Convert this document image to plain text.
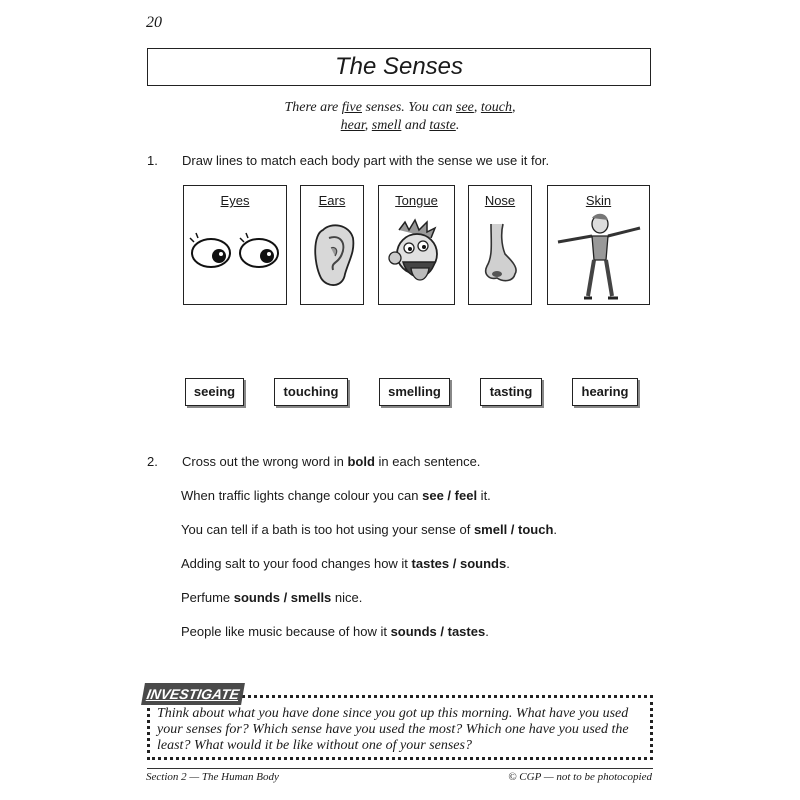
20
The Senses
There are five senses. You can see, touch,
hear, smell and taste.
1. Draw lines to match each body part with the sense we use it for.
Eyes	Ears	Tongue	Nose	Skin
seeing	touching	smelling	tasting	hearing
2. Cross out the wrong word in bold in each sentence.
When traffic lights change colour you can see / feel it.
You can tell if a bath is too hot using your sense of smell / touch.
Adding salt to your food changes how it tastes / sounds.
Perfume sounds / smells nice.
People like music because of how it sounds / tastes.
INVESTIGATE
Think about what you have done since you got up this morning. What have you used your senses for? Which sense have you used the most? Which one have you used the least? What would it be like without one of your senses?
Section 2 — The Human Body	© CGP — not to be photocopied
